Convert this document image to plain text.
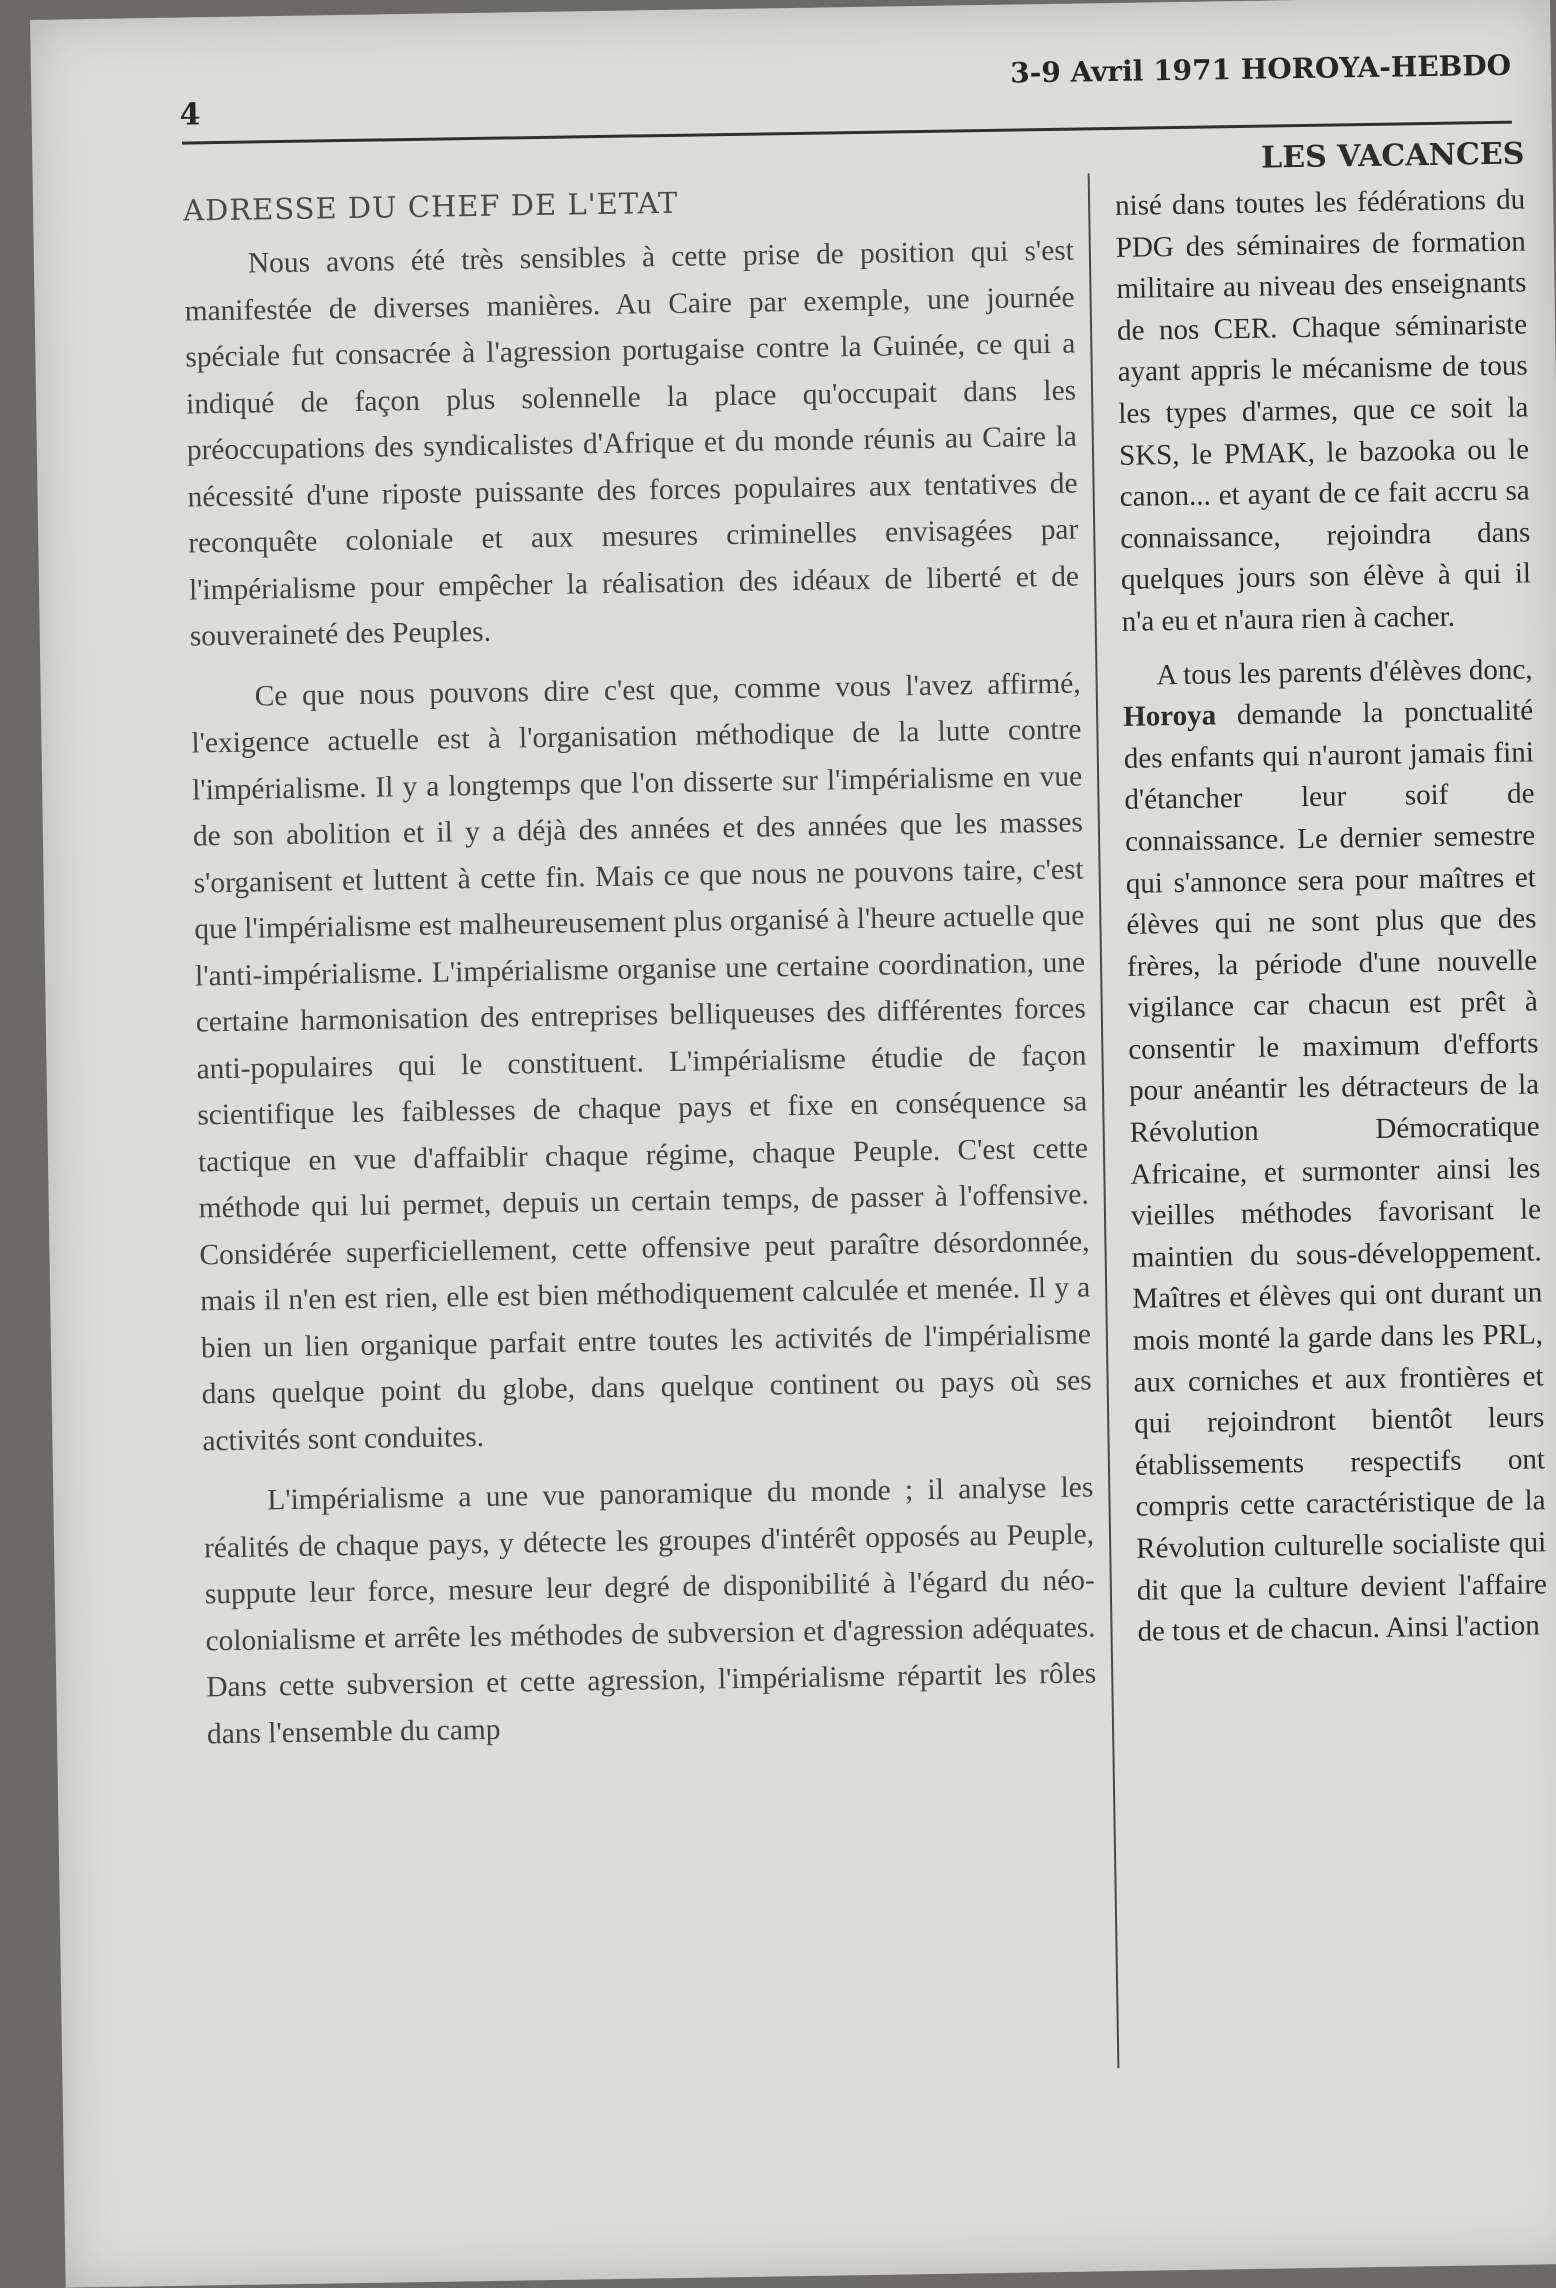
4
3-9 Avril 1971 HOROYA-HEBDO
ADRESSE DU CHEF DE L'ETAT

Nous avons été très sensibles à cette prise de position qui s'est manifestée de diverses manières. Au Caire par exemple, une journée spéciale fut consacrée à l'agression portugaise contre la Guinée, ce qui a indiqué de façon plus solennelle la place qu'occupait dans les préoccupations des syndicalistes d'Afrique et du monde réunis au Caire la nécessité d'une riposte puissante des forces populaires aux tentatives de reconquête coloniale et aux mesures criminelles envisagées par l'impérialisme pour empêcher la réalisation des idéaux de liberté et de souveraineté des Peuples.

Ce que nous pouvons dire c'est que, comme vous l'avez affirmé, l'exigence actuelle est à l'organisation méthodique de la lutte contre l'impérialisme. Il y a longtemps que l'on disserte sur l'impérialisme en vue de son abolition et il y a déjà des années et des années que les masses s'organisent et luttent à cette fin. Mais ce que nous ne pouvons taire, c'est que l'impérialisme est malheureusement plus organisé à l'heure actuelle que l'anti-impérialisme. L'impérialisme organise une certaine coordination, une certaine harmonisation des entreprises belliqueuses des différentes forces anti-populaires qui le constituent. L'impérialisme étudie de façon scientifique les faiblesses de chaque pays et fixe en conséquence sa tactique en vue d'affaiblir chaque régime, chaque Peuple. C'est cette méthode qui lui permet, depuis un certain temps, de passer à l'offensive. Considérée superficiellement, cette offensive peut paraître désordonnée, mais il n'en est rien, elle est bien méthodiquement calculée et menée. Il y a bien un lien organique parfait entre toutes les activités de l'impérialisme dans quelque point du globe, dans quelque continent ou pays où ses activités sont conduites.

L'impérialisme a une vue panoramique du monde ; il analyse les réalités de chaque pays, y détecte les groupes d'intérêt opposés au Peuple, suppute leur force, mesure leur degré de disponibilité à l'égard du néo-colonialisme et arrête les méthodes de subversion et d'agression adéquates. Dans cette subversion et cette agression, l'impérialisme répartit les rôles dans l'ensemble du camp

LES VACANCES

nisé dans toutes les fédérations du PDG des séminaires de formation militaire au niveau des enseignants de nos CER. Chaque séminariste ayant appris le mécanisme de tous les types d'armes, que ce soit la SKS, le PMAK, le bazooka ou le canon... et ayant de ce fait accru sa connaissance, rejoindra dans quelques jours son élève à qui il n'a eu et n'aura rien à cacher.

A tous les parents d'élèves donc, Horoya demande la ponctualité des enfants qui n'auront jamais fini d'étancher leur soif de connaissance. Le dernier semestre qui s'annonce sera pour maîtres et élèves qui ne sont plus que des frères, la période d'une nouvelle vigilance car chacun est prêt à consentir le maximum d'efforts pour anéantir les détracteurs de la Révolution Démocratique Africaine, et surmonter ainsi les vieilles méthodes favorisant le maintien du sous-développement. Maîtres et élèves qui ont durant un mois monté la garde dans les PRL, aux corniches et aux frontières et qui rejoindront bientôt leurs établissements respectifs ont compris cette caractéristique de la Révolution culturelle socialiste qui dit que la culture devient l'affaire de tous et de chacun. Ainsi l'action
